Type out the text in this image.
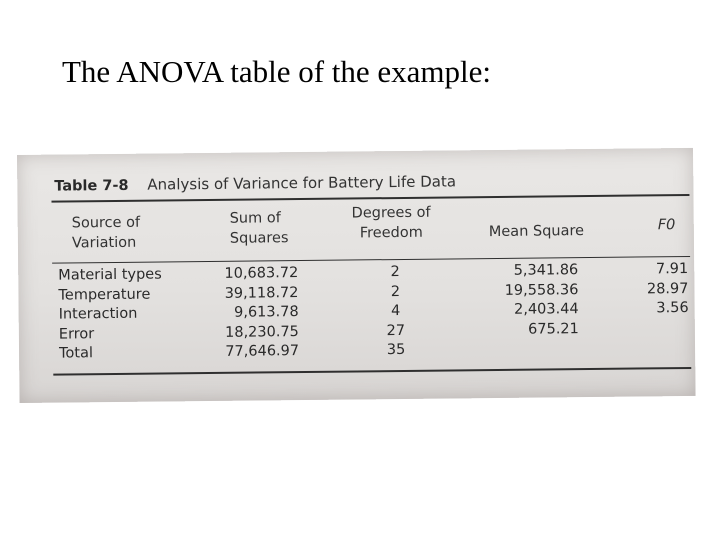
The ANOVA table of the example:
Table 7-8 Analysis of Variance for Battery Life Data
Source of
Variation
Sum of
Squares
Degrees of
Freedom	Mean Square	F0
Material types
Temperature
Interaction
Error
Total
10,683.72
39,118.72
9,613.78
18,230.75
77,646.97
2
2
4
27
35
5,341.86
19,558.36
2,403.44
675.21
7.91
28.97
3.56
